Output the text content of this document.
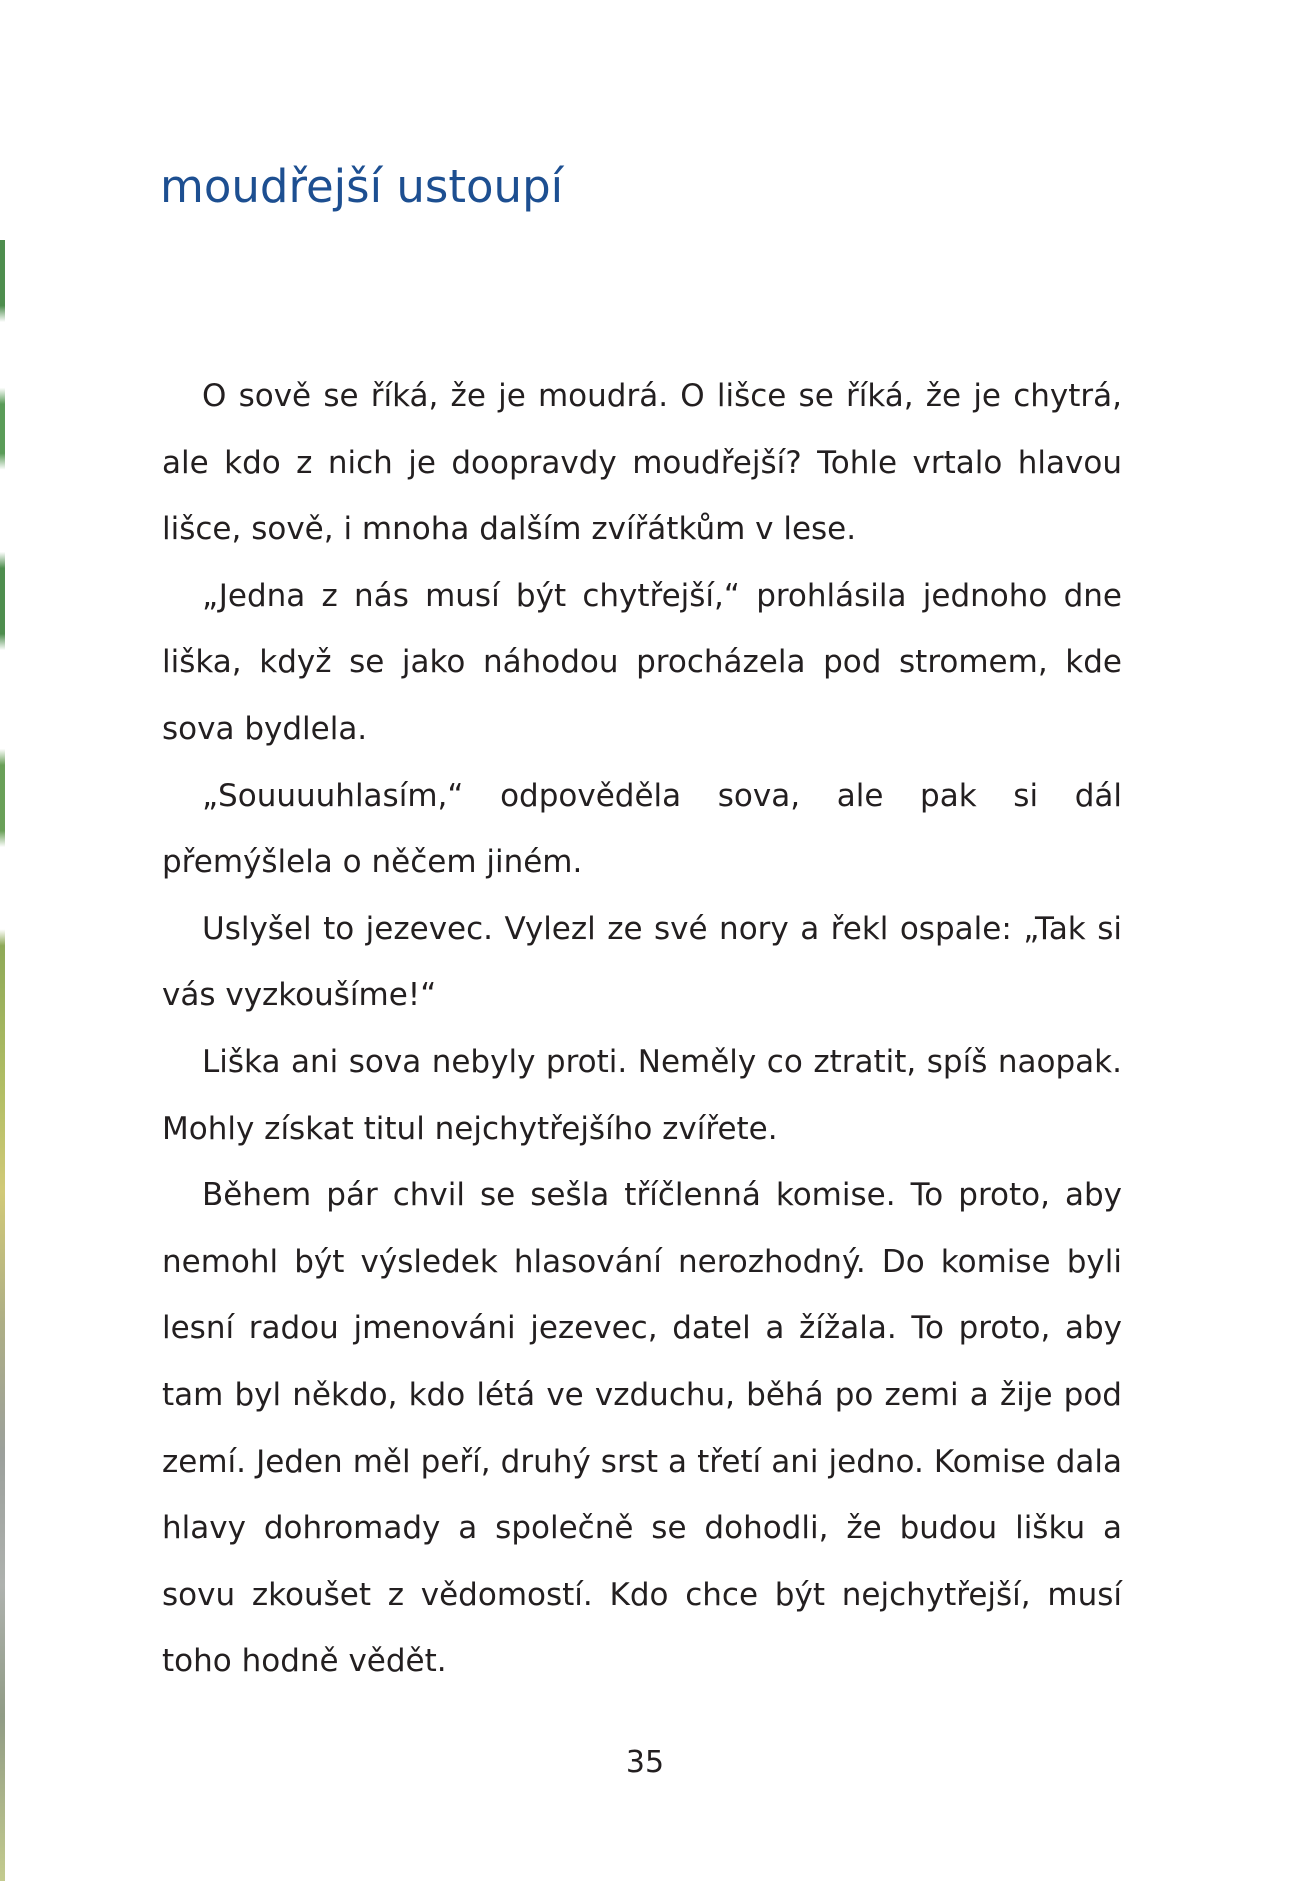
moudřejší ustoupí

O sově se říká, že je moudrá. O lišce se říká, že je chytrá, ale kdo z nich je doopravdy moudřejší? Tohle vrtalo hlavou lišce, sově, i mnoha dalším zvířátkům v lese.

„Jedna z nás musí být chytřejší,“ prohlásila jednoho dne liška, když se jako náhodou procházela pod stromem, kde sova bydlela.

„Souuuuhlasím,“ odpověděla sova, ale pak si dál přemýšlela o něčem jiném.

Uslyšel to jezevec. Vylezl ze své nory a řekl ospale: „Tak si vás vyzkoušíme!“

Liška ani sova nebyly proti. Neměly co ztratit, spíš naopak. Mohly získat titul nejchytřejšího zvířete.

Během pár chvil se sešla tříčlenná komise. To proto, aby nemohl být výsledek hlasování nerozhodný. Do komise byli lesní radou jmenováni jezevec, datel a žížala. To proto, aby tam byl někdo, kdo létá ve vzduchu, běhá po zemi a žije pod zemí. Jeden měl peří, druhý srst a třetí ani jedno. Komise dala hlavy dohromady a společně se dohodli, že budou lišku a sovu zkoušet z vědomostí. Kdo chce být nejchytřejší, musí toho hodně vědět.

35
